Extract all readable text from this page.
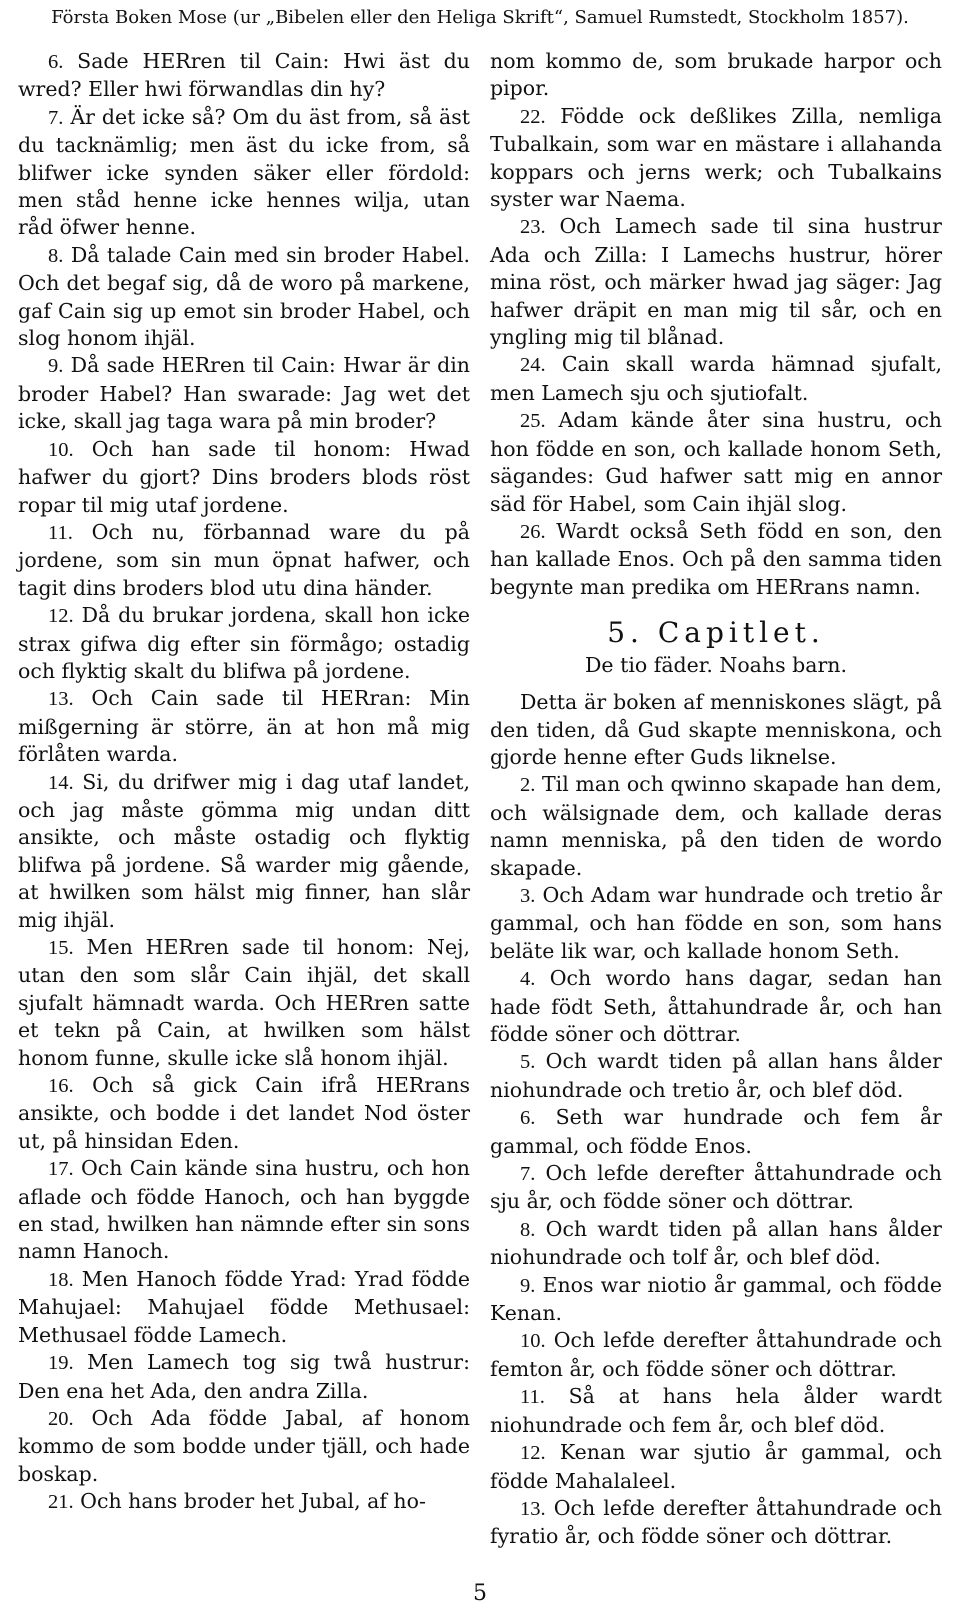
Första Boken Mose (ur „Bibelen eller den Heliga Skrift“, Samuel Rumstedt, Stockholm 1857).

6. Sade HERren til Cain: Hwi äst du wred? Eller hwi förwandlas din hy?

7. Är det icke så? Om du äst from, så äst du tacknämlig; men äst du icke from, så blifwer icke synden säker eller fördold: men ståd henne icke hennes wilja, utan råd öfwer henne.

8. Då talade Cain med sin broder Habel. Och det begaf sig, då de woro på markene, gaf Cain sig up emot sin broder Habel, och slog honom ihjäl.

9. Då sade HERren til Cain: Hwar är din broder Habel? Han swarade: Jag wet det icke, skall jag taga wara på min broder?

10. Och han sade til honom: Hwad hafwer du gjort? Dins broders blods röst ropar til mig utaf jordene.

11. Och nu, förbannad ware du på jordene, som sin mun öpnat hafwer, och tagit dins broders blod utu dina händer.

12. Då du brukar jordena, skall hon icke strax gifwa dig efter sin förmågo; ostadig och flyktig skalt du blifwa på jordene.

13. Och Cain sade til HERran: Min mißgerning är större, än at hon må mig förlåten warda.

14. Si, du drifwer mig i dag utaf landet, och jag måste gömma mig undan ditt ansikte, och måste ostadig och flyktig blifwa på jordene. Så warder mig gående, at hwilken som hälst mig finner, han slår mig ihjäl.

15. Men HERren sade til honom: Nej, utan den som slår Cain ihjäl, det skall sjufalt hämnadt warda. Och HERren satte et tekn på Cain, at hwilken som hälst honom funne, skulle icke slå honom ihjäl.

16. Och så gick Cain ifrå HERrans ansikte, och bodde i det landet Nod öster ut, på hinsidan Eden.

17. Och Cain kände sina hustru, och hon aflade och födde Hanoch, och han byggde en stad, hwilken han nämnde efter sin sons namn Hanoch.

18. Men Hanoch födde Yrad: Yrad födde Mahujael: Mahujael födde Methusael: Methusael födde Lamech.

19. Men Lamech tog sig twå hustrur: Den ena het Ada, den andra Zilla.

20. Och Ada födde Jabal, af honom kommo de som bodde under tjäll, och hade boskap.

21. Och hans broder het Jubal, af ho-

nom kommo de, som brukade harpor och pipor.

22. Födde ock deßlikes Zilla, nemliga Tubalkain, som war en mästare i allahanda koppars och jerns werk; och Tubalkains syster war Naema.

23. Och Lamech sade til sina hustrur Ada och Zilla: I Lamechs hustrur, hörer mina röst, och märker hwad jag säger: Jag hafwer dräpit en man mig til sår, och en yngling mig til blånad.

24. Cain skall warda hämnad sjufalt, men Lamech sju och sjutiofalt.

25. Adam kände åter sina hustru, och hon födde en son, och kallade honom Seth, sägandes: Gud hafwer satt mig en annor säd för Habel, som Cain ihjäl slog.

26. Wardt också Seth född en son, den han kallade Enos. Och på den samma tiden begynte man predika om HERrans namn.

5. Capitlet.
De tio fäder. Noahs barn.

Detta är boken af menniskones slägt, på den tiden, då Gud skapte menniskona, och gjorde henne efter Guds liknelse.

2. Til man och qwinno skapade han dem, och wälsignade dem, och kallade deras namn menniska, på den tiden de wordo skapade.

3. Och Adam war hundrade och tretio år gammal, och han födde en son, som hans beläte lik war, och kallade honom Seth.

4. Och wordo hans dagar, sedan han hade födt Seth, åttahundrade år, och han födde söner och döttrar.

5. Och wardt tiden på allan hans ålder niohundrade och tretio år, och blef död.

6. Seth war hundrade och fem år gammal, och födde Enos.

7. Och lefde derefter åttahundrade och sju år, och födde söner och döttrar.

8. Och wardt tiden på allan hans ålder niohundrade och tolf år, och blef död.

9. Enos war niotio år gammal, och födde Kenan.

10. Och lefde derefter åttahundrade och femton år, och födde söner och döttrar.

11. Så at hans hela ålder wardt niohundrade och fem år, och blef död.

12. Kenan war sjutio år gammal, och födde Mahalaleel.

13. Och lefde derefter åttahundrade och fyratio år, och födde söner och döttrar.

5
